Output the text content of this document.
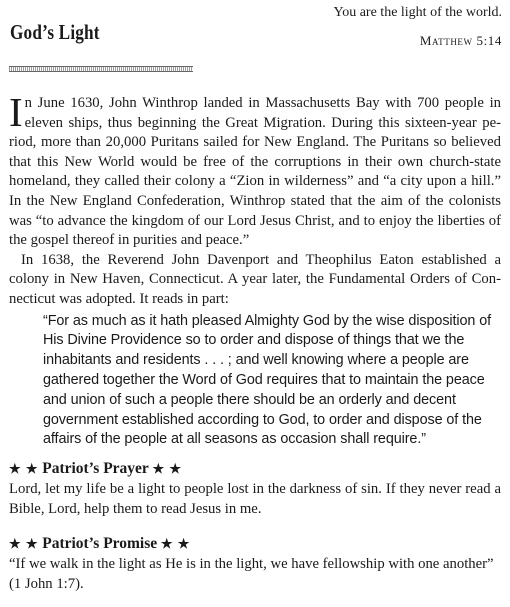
God’s Light
You are the light of the world.
Matthew 5:14

In June 1630, John Winthrop landed in Massachusetts Bay with 700 people in eleven ships, thus beginning the Great Migration. During this sixteen-year period, more than 20,000 Puritans sailed for New England. The Puritans so believed that this New World would be free of the corruptions in their own church-state homeland, they called their colony a “Zion in wilderness” and “a city upon a hill.” In the New England Confederation, Winthrop stated that the aim of the colonists was “to advance the kingdom of our Lord Jesus Christ, and to enjoy the liberties of the gospel thereof in purities and peace.”

In 1638, the Reverend John Davenport and Theophilus Eaton established a colony in New Haven, Connecticut. A year later, the Fundamental Orders of Connecticut was adopted. It reads in part:

“For as much as it hath pleased Almighty God by the wise disposition of His Divine Providence so to order and dispose of things that we the inhabitants and residents . . . ; and well knowing where a people are gathered together the Word of God requires that to maintain the peace and union of such a people there should be an orderly and decent government established according to God, to order and dispose of the affairs of the people at all seasons as occasion shall require.”
★ ★ Patriot’s Prayer ★ ★

Lord, let my life be a light to people lost in the darkness of sin. If they never read a Bible, Lord, help them to read Jesus in me.

★ ★ Patriot’s Promise ★ ★

“If we walk in the light as He is in the light, we have fellowship with one another” (1 John 1:7).
